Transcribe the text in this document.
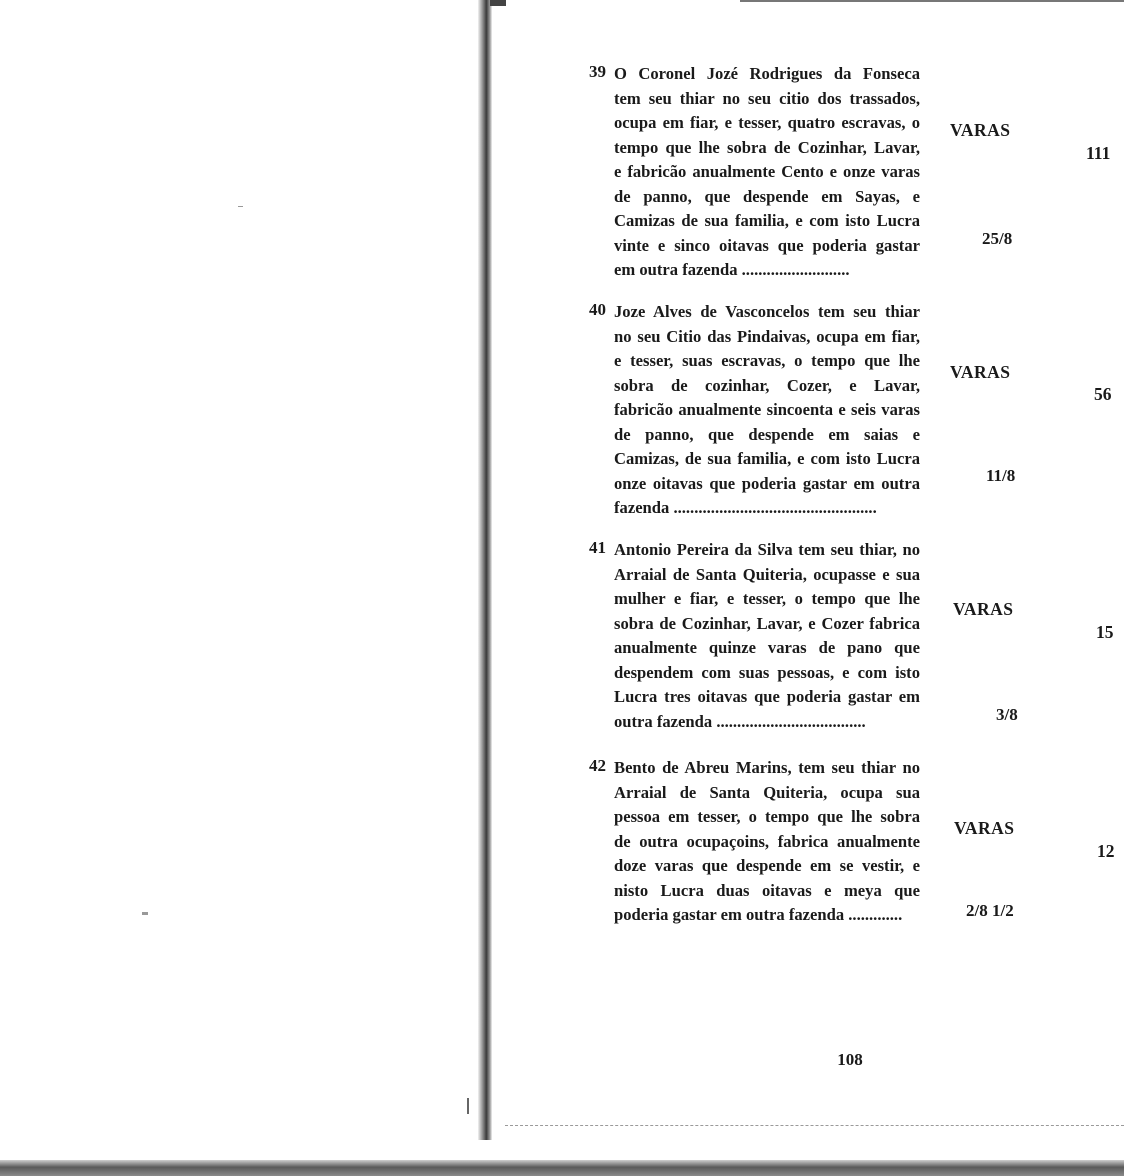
39 O Coronel Jozé Rodrigues da Fonseca
tem seu thiar no seu citio dos trassados,
ocupa em fiar, e tesser, quatro escravas, o
tempo que lhe sobra de Cozinhar, Lavar,
e fabricão anualmente Cento e onze varas
de panno, que despende em Sayas, e
Camizas de sua familia, e com isto Lucra
vinte e sinco oitavas que poderia gastar
em outra fazenda ..........................
VARAS
25/8
111
40 Joze Alves de Vasconcelos tem seu thiar
no seu Citio das Pindaivas, ocupa em fiar,
e tesser, suas escravas, o tempo que lhe
sobra de cozinhar, Cozer, e Lavar,
fabricão anualmente sincoenta e seis varas
de panno, que despende em saias e
Camizas, de sua familia, e com isto Lucra
onze oitavas que poderia gastar em outra
fazenda .................................................
VARAS
11/8
56
41 Antonio Pereira da Silva tem seu thiar, no
Arraial de Santa Quiteria, ocupasse e sua
mulher e fiar, e tesser, o tempo que lhe
sobra de Cozinhar, Lavar, e Cozer fabrica
anualmente quinze varas de pano que
despendem com suas pessoas, e com isto
Lucra tres oitavas que poderia gastar em
outra fazenda ....................................
VARAS
3/8
15
42 Bento de Abreu Marins, tem seu thiar no
Arraial de Santa Quiteria, ocupa sua
pessoa em tesser, o tempo que lhe sobra
de outra ocupaçoins, fabrica anualmente
doze varas que despende em se vestir, e
nisto Lucra duas oitavas e meya que
poderia gastar em outra fazenda .............
VARAS
2/8 1/2
12
108
